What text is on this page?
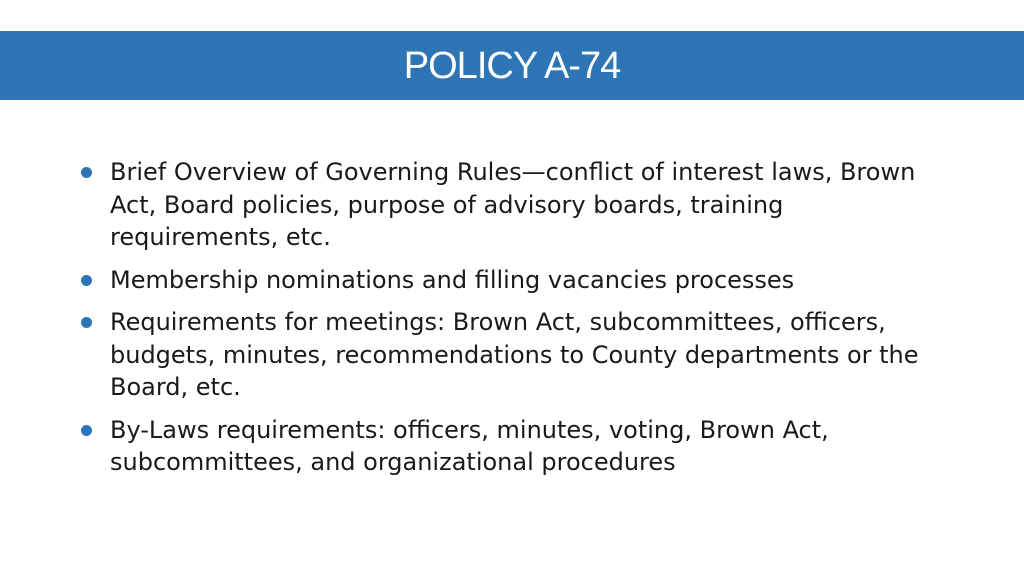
POLICY A-74
Brief Overview of Governing Rules—conflict of interest laws, Brown Act, Board policies, purpose of advisory boards, training requirements, etc.
Membership nominations and filling vacancies processes
Requirements for meetings: Brown Act, subcommittees, officers, budgets, minutes, recommendations to County departments or the Board, etc.
By-Laws requirements: officers, minutes, voting, Brown Act, subcommittees, and organizational procedures
